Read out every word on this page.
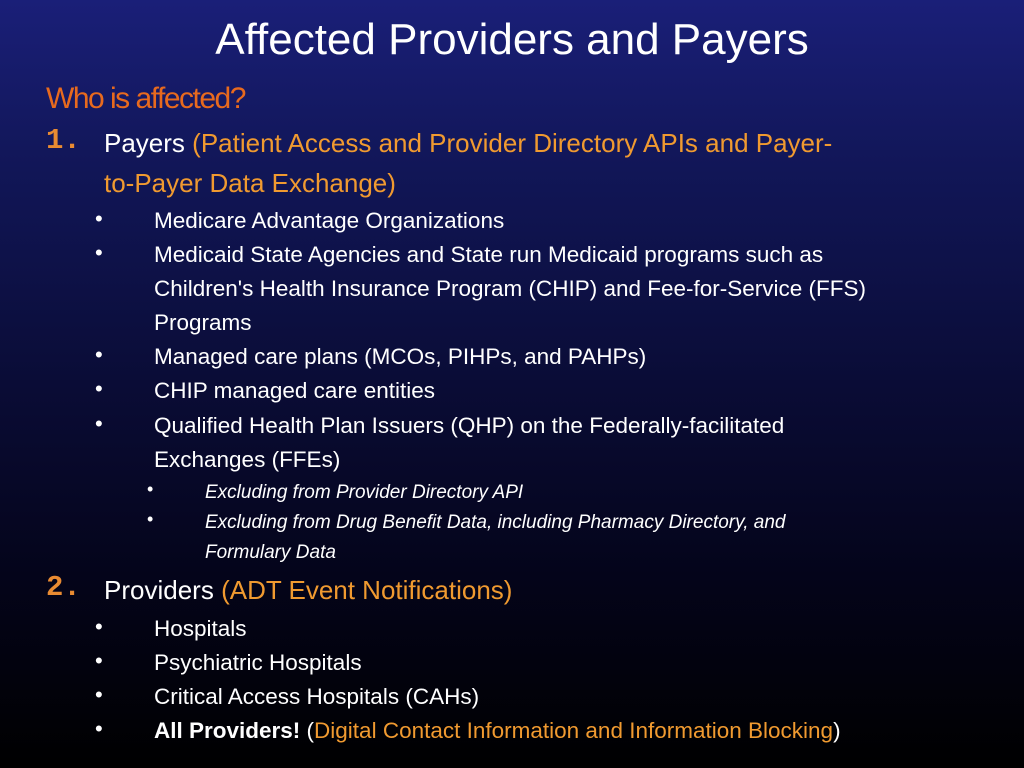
Affected Providers and Payers
Who is affected?
1. Payers (Patient Access and Provider Directory APIs and Payer-
to-Payer Data Exchange)
• Medicare Advantage Organizations
• Medicaid State Agencies and State run Medicaid programs such as
Children's Health Insurance Program (CHIP) and Fee-for-Service (FFS)
Programs
• Managed care plans (MCOs, PIHPs, and PAHPs)
• CHIP managed care entities
• Qualified Health Plan Issuers (QHP) on the Federally-facilitated
Exchanges (FFEs)
•	Excluding from Provider Directory API
•	Excluding from Drug Benefit Data, including Pharmacy Directory, and
Formulary Data
2. Providers (ADT Event Notifications)
• Hospitals
• Psychiatric Hospitals
• Critical Access Hospitals (CAHs)
• All Providers! (Digital Contact Information and Information Blocking)
